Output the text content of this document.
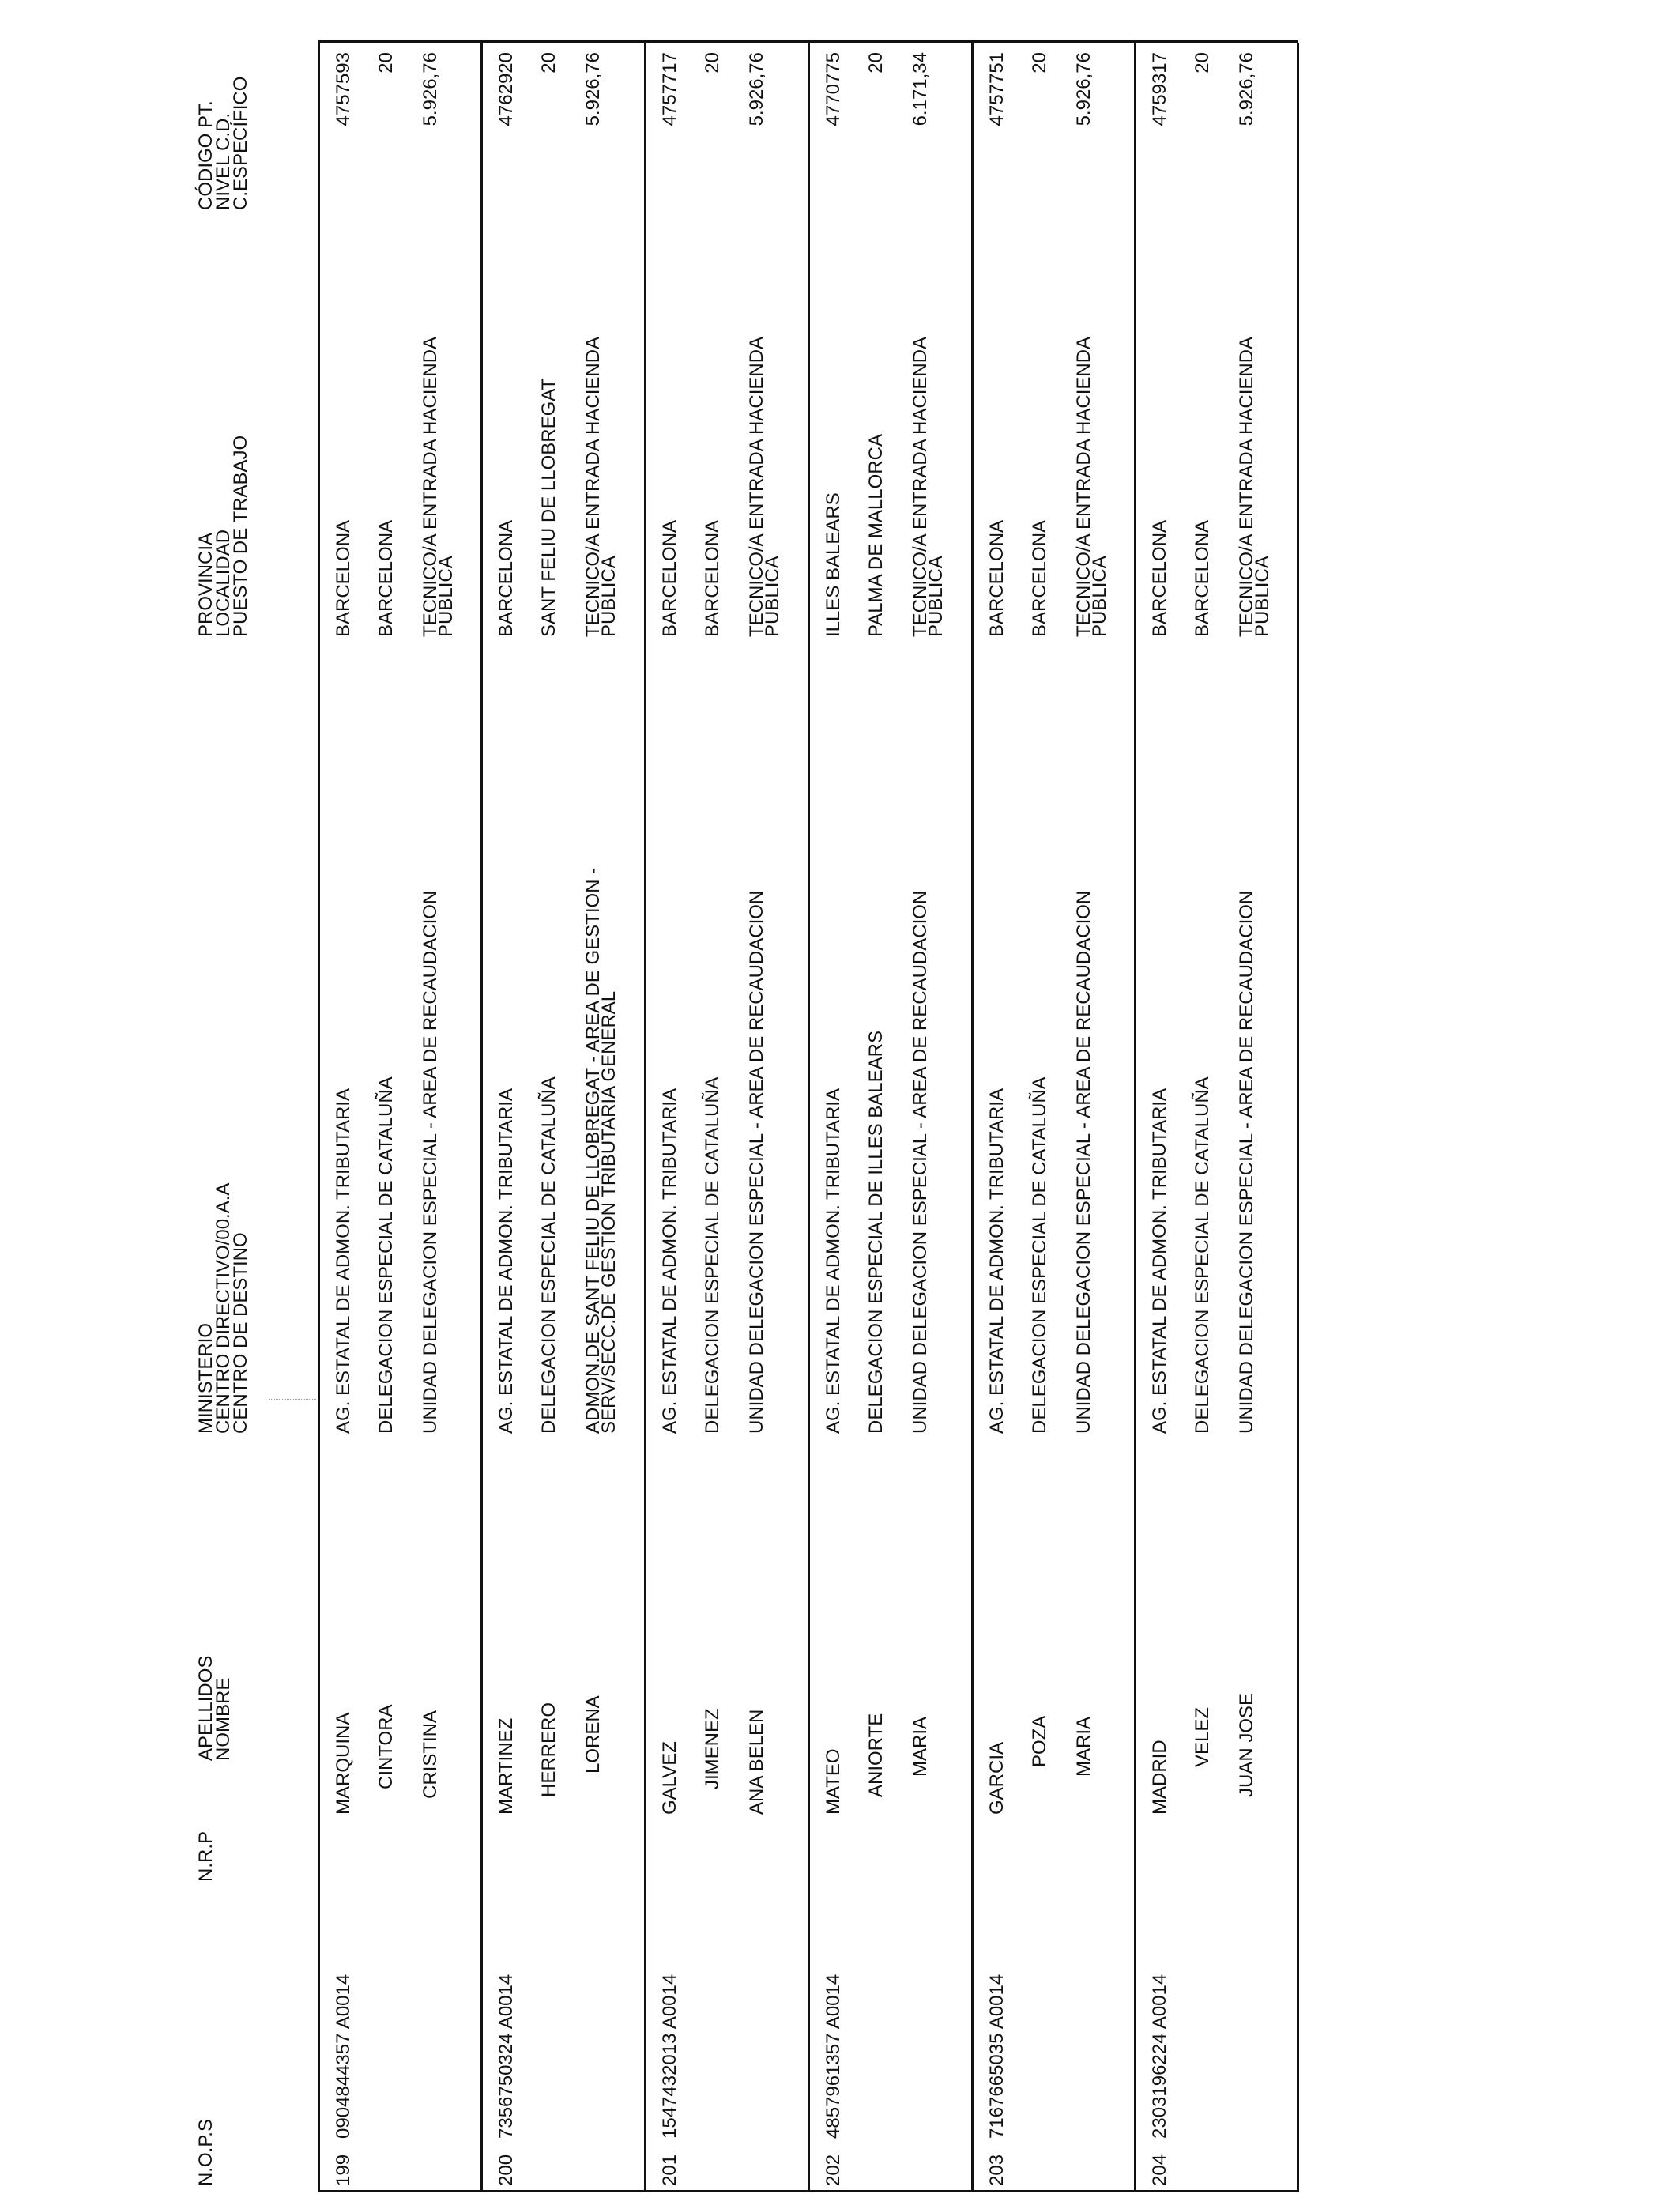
N.O.P.S
N.R.P
APELLIDOS
NOMBRE
MINISTERIO
CENTRO DIRECTIVO/00.A.A
CENTRO DE DESTINO
PROVINCIA
LOCALIDAD
PUESTO DE TRABAJO
CÓDIGO PT.
NIVEL C.D.
C.ESPECÍFICO
199
0904844357 A0014
MARQUINA CINTORA CRISTINA
AG. ESTATAL DE ADMON. TRIBUTARIA DELEGACION ESPECIAL DE CATALUÑA UNIDAD DELEGACION ESPECIAL - AREA DE RECAUDACION
BARCELONA BARCELONA TECNICO/A ENTRADA HACIENDA
PUBLICA
4757593 20 5.926,76
200
7356750324 A0014
MARTINEZ HERRERO LORENA
AG. ESTATAL DE ADMON. TRIBUTARIA DELEGACION ESPECIAL DE CATALUÑA ADMON.DE SANT FELIU DE LLOBREGAT - AREA DE GESTION -
SERV/SECC.DE GESTION TRIBUTARIA GENERAL
BARCELONA SANT FELIU DE LLOBREGAT TECNICO/A ENTRADA HACIENDA
PUBLICA
4762920 20 5.926,76
201
1547432013 A0014
GALVEZ JIMENEZ ANA BELEN
AG. ESTATAL DE ADMON. TRIBUTARIA DELEGACION ESPECIAL DE CATALUÑA UNIDAD DELEGACION ESPECIAL - AREA DE RECAUDACION
BARCELONA BARCELONA TECNICO/A ENTRADA HACIENDA
PUBLICA
4757717 20 5.926,76
202
4857961357 A0014
MATEO ANIORTE MARIA
AG. ESTATAL DE ADMON. TRIBUTARIA DELEGACION ESPECIAL DE ILLES BALEARS UNIDAD DELEGACION ESPECIAL - AREA DE RECAUDACION
ILLES BALEARS PALMA DE MALLORCA TECNICO/A ENTRADA HACIENDA
PUBLICA
4770775 20 6.171,34
203
7167665035 A0014
GARCIA
POZA MARIA
AG. ESTATAL DE ADMON. TRIBUTARIA DELEGACION ESPECIAL DE CATALUÑA UNIDAD DELEGACION ESPECIAL - AREA DE RECAUDACION
BARCELONA BARCELONA TECNICO/A ENTRADA HACIENDA
PUBLICA
4757751 20 5.926,76
204
2303196224 A0014
MADRID
VELEZ JUAN JOSE
AG. ESTATAL DE ADMON. TRIBUTARIA DELEGACION ESPECIAL DE CATALUÑA UNIDAD DELEGACION ESPECIAL - AREA DE RECAUDACION
BARCELONA BARCELONA TECNICO/A ENTRADA HACIENDA
PUBLICA
4759317 20 5.926,76
